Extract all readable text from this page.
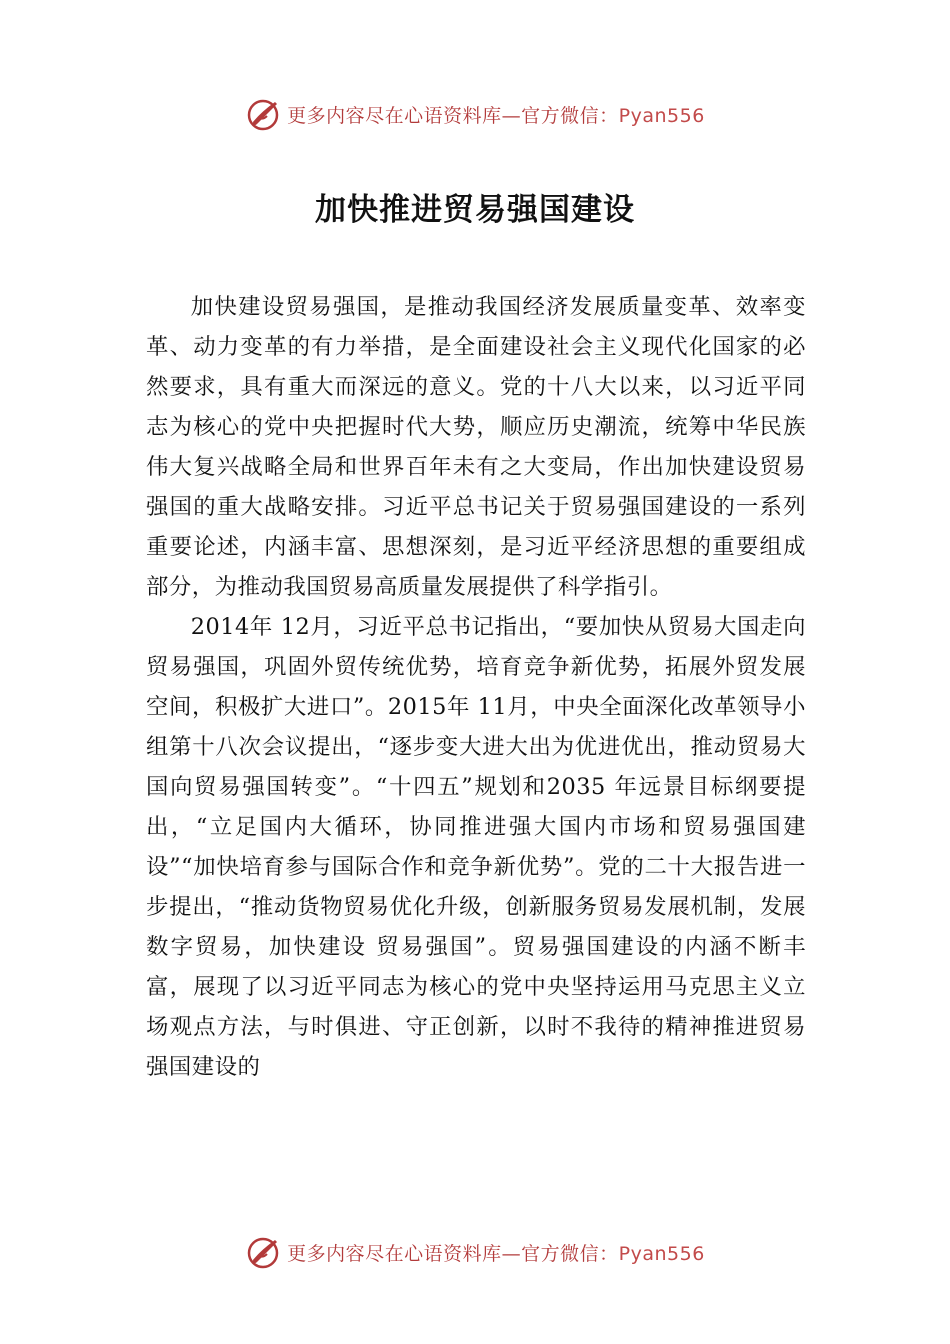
更多内容尽在心语资料库—官方微信：Pyan556
加快推进贸易强国建设

加快建设贸易强国，是推动我国经济发展质量变革、效率变革、动力变革的有力举措，是全面建设社会主义现代化国家的必然要求，具有重大而深远的意义。党的十八大以来，以习近平同志为核心的党中央把握时代大势，顺应历史潮流，统筹中华民族伟大复兴战略全局和世界百年未有之大变局，作出加快建设贸易强国的重大战略安排。习近平总书记关于贸易强国建设的一系列重要论述，内涵丰富、思想深刻，是习近平经济思想的重要组成部分，为推动我国贸易高质量发展提供了科学指引。

2014年 12月，习近平总书记指出，“要加快从贸易大国走向贸易强国，巩固外贸传统优势，培育竞争新优势，拓展外贸发展空间，积极扩大进口”。2015年 11月，中央全面深化改革领导小组第十八次会议提出，“逐步变大进大出为优进优出，推动贸易大国向贸易强国转变”。“十四五”规划和2035 年远景目标纲要提出，“立足国内大循环，协同推进强大国内市场和贸易强国建设”“加快培育参与国际合作和竞争新优势”。党的二十大报告进一步提出，“推动货物贸易优化升级，创新服务贸易发展机制，发展数字贸易，加快建设 贸易强国”。贸易强国建设的内涵不断丰富，展现了以习近平同志为核心的党中央坚持运用马克思主义立场观点方法，与时俱进、守正创新，以时不我待的精神推进贸易强国建设的

更多内容尽在心语资料库—官方微信：Pyan556
